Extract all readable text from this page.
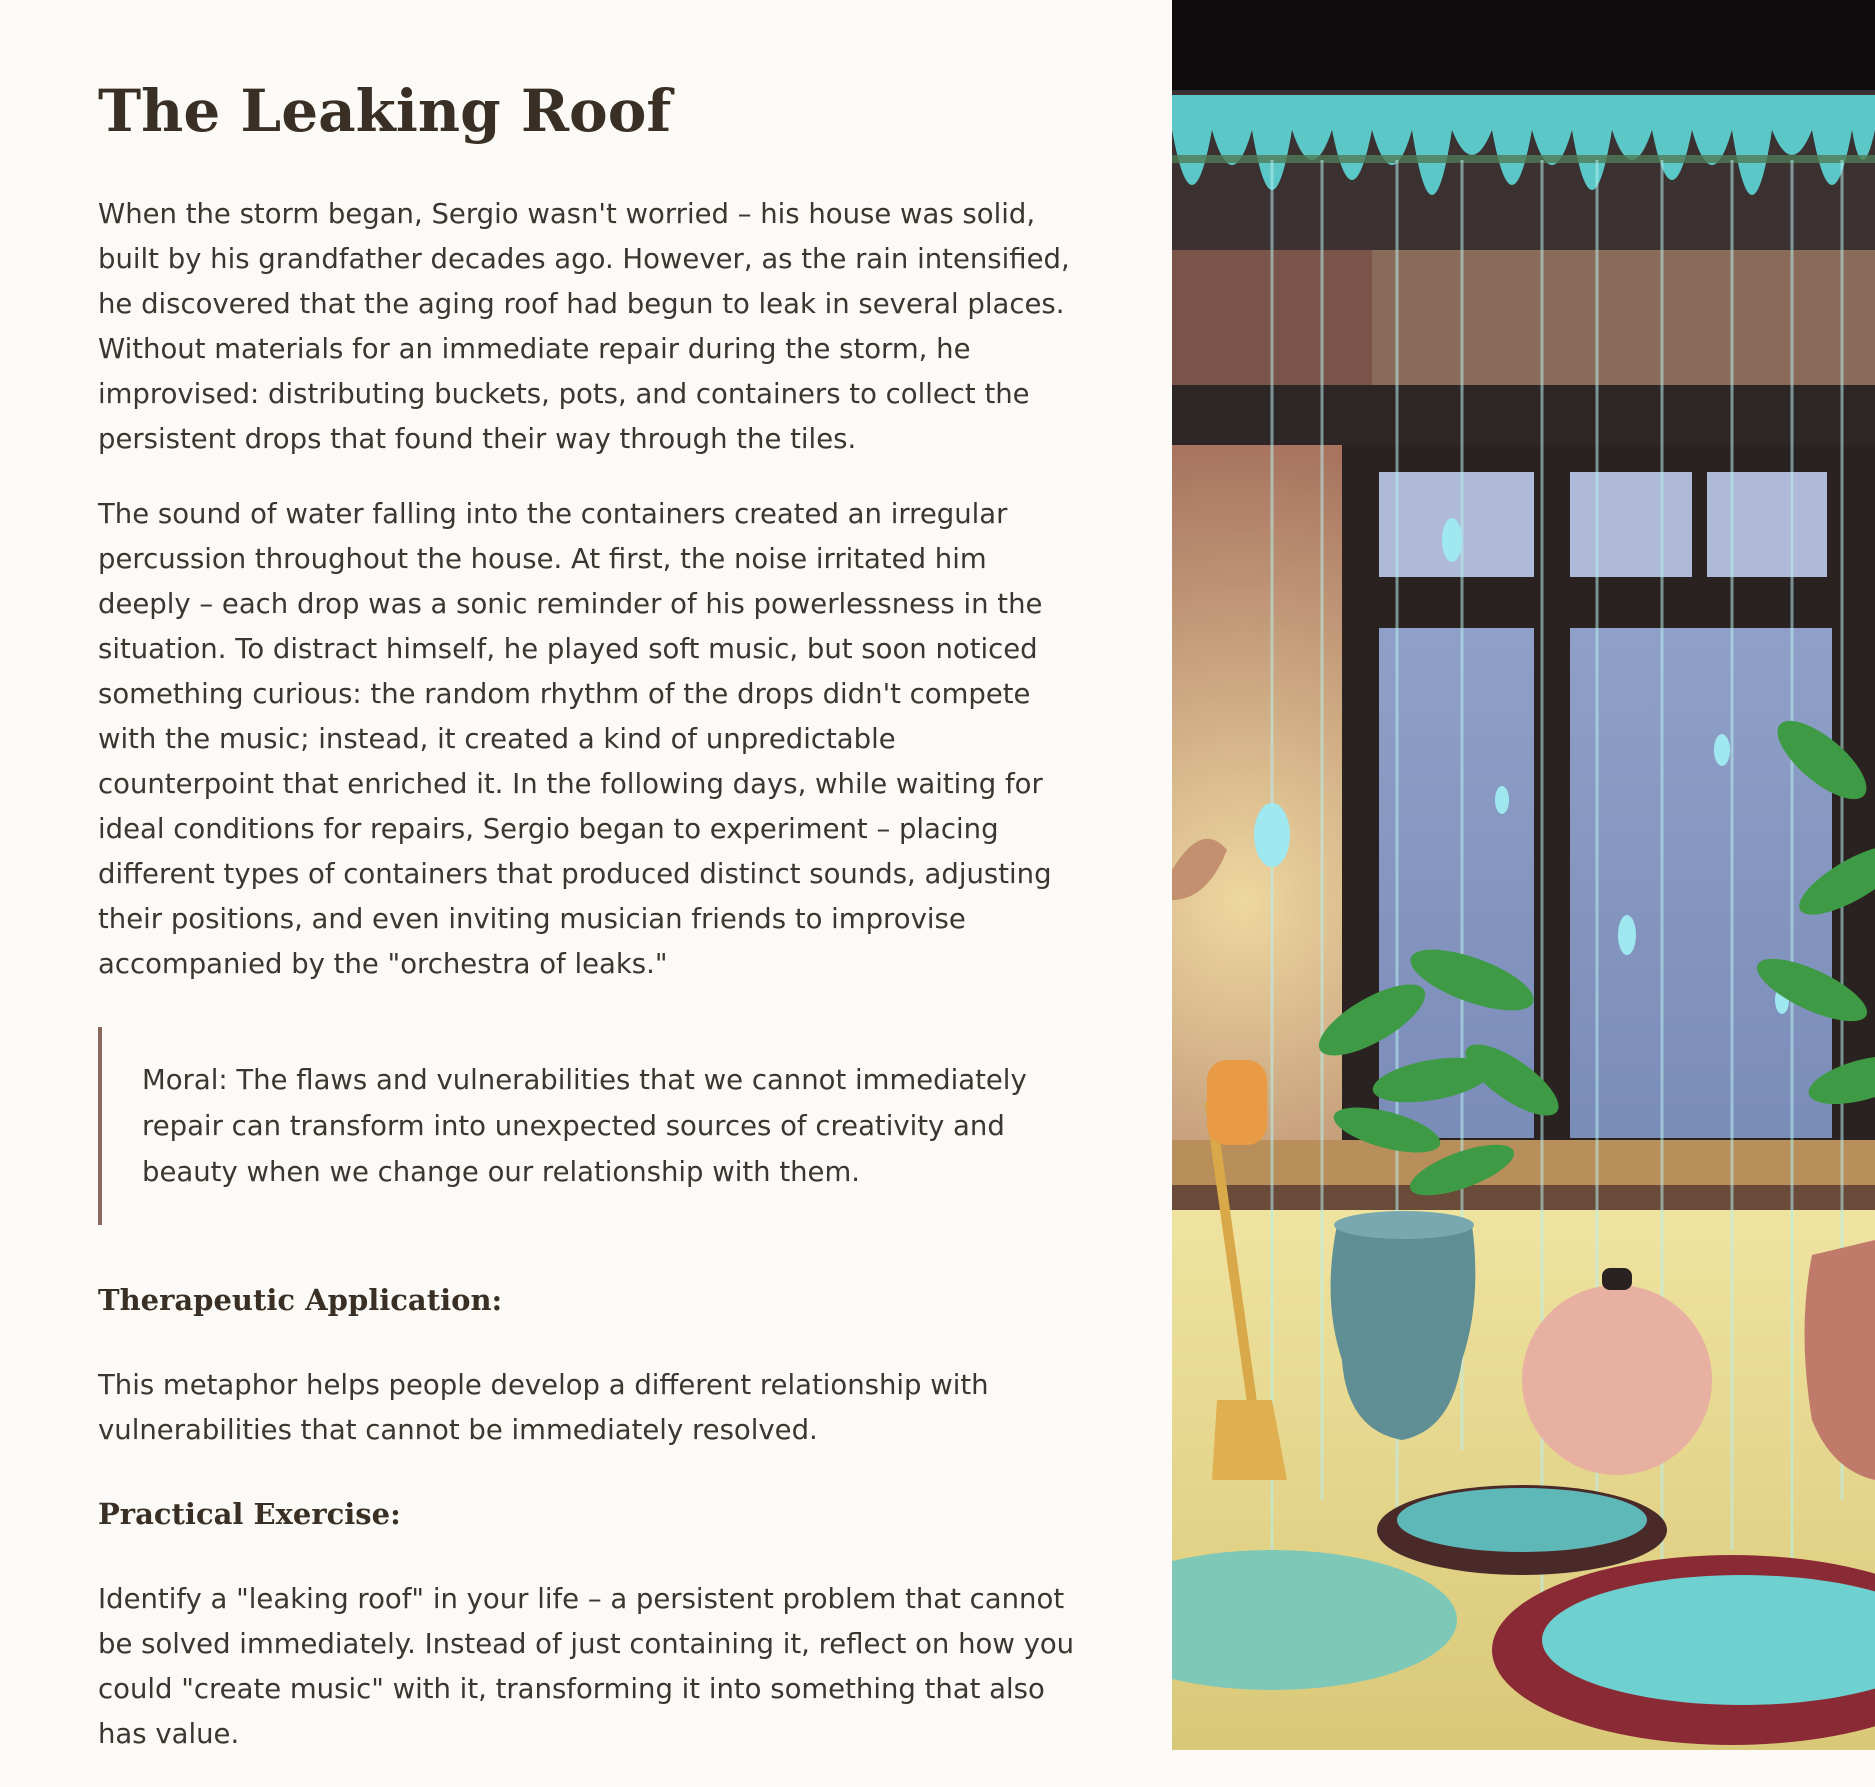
The Leaking Roof

When the storm began, Sergio wasn't worried – his house was solid, built by his grandfather decades ago. However, as the rain intensified, he discovered that the aging roof had begun to leak in several places. Without materials for an immediate repair during the storm, he improvised: distributing buckets, pots, and containers to collect the persistent drops that found their way through the tiles.

The sound of water falling into the containers created an irregular percussion throughout the house. At first, the noise irritated him deeply – each drop was a sonic reminder of his powerlessness in the situation. To distract himself, he played soft music, but soon noticed something curious: the random rhythm of the drops didn't compete with the music; instead, it created a kind of unpredictable counterpoint that enriched it. In the following days, while waiting for ideal conditions for repairs, Sergio began to experiment – placing different types of containers that produced distinct sounds, adjusting their positions, and even inviting musician friends to improvise accompanied by the "orchestra of leaks."

Moral: The flaws and vulnerabilities that we cannot immediately repair can transform into unexpected sources of creativity and beauty when we change our relationship with them.
Therapeutic Application:

This metaphor helps people develop a different relationship with vulnerabilities that cannot be immediately resolved.

Practical Exercise:

Identify a "leaking roof" in your life – a persistent problem that cannot be solved immediately. Instead of just containing it, reflect on how you could "create music" with it, transforming it into something that also has value.
